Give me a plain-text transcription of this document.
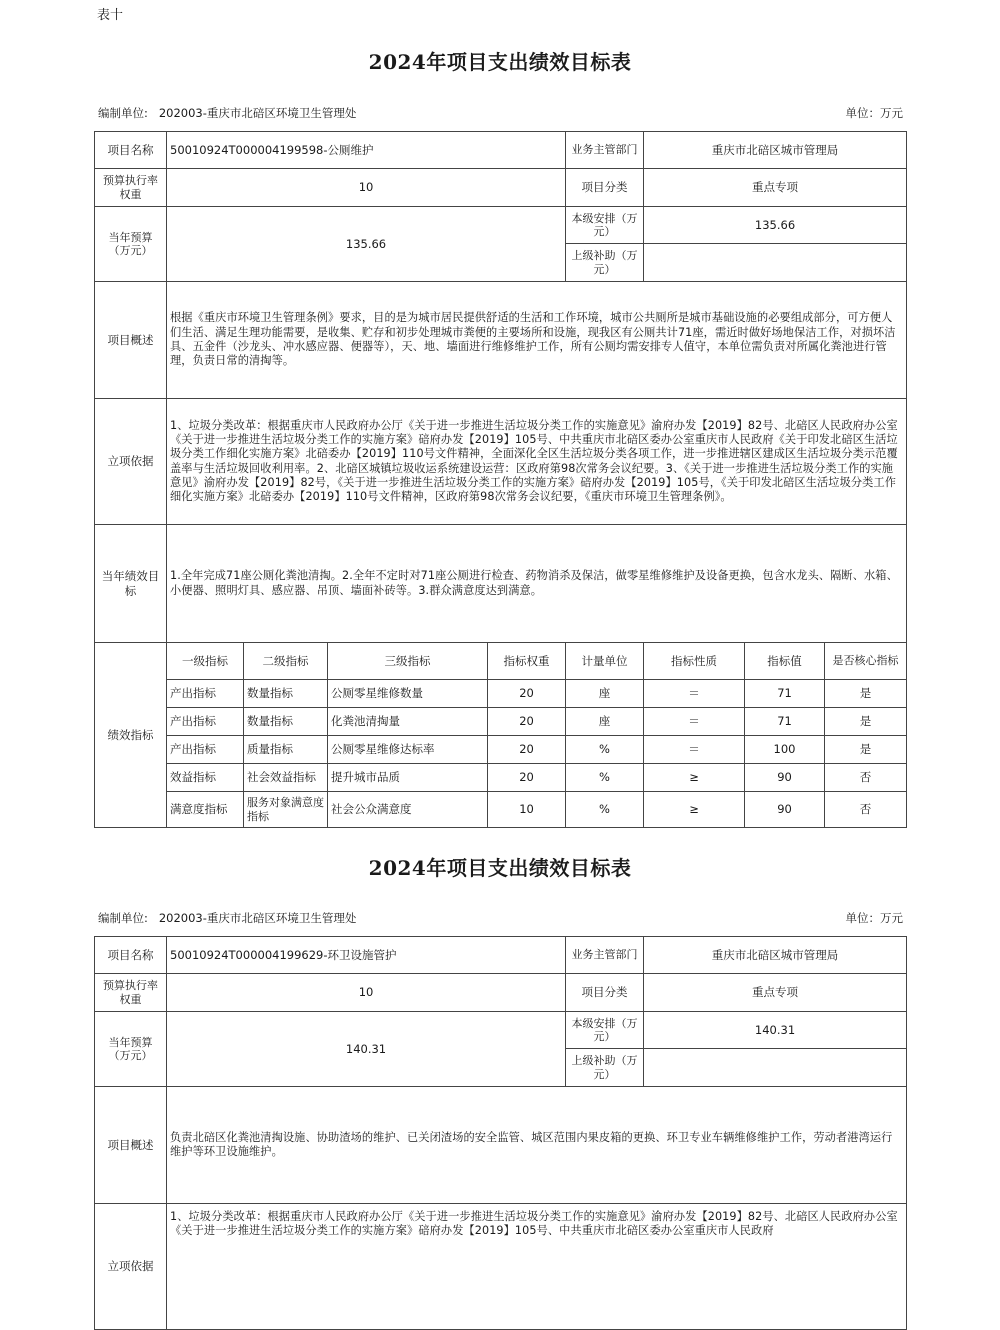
表十
2024年项目支出绩效目标表
编制单位: 202003-重庆市北碚区环境卫生管理处	单位：万元
项目名称	50010924T000004199598-公厕维护				业务主管部门	重庆市北碚区城市管理局		
预算执行率权重	10				项目分类	重点专项		
当年预算（万元）	135.66				本级安排（万元）	135.66		
					上级补助（万元）			
项目概述	根据《重庆市环境卫生管理条例》要求，目的是为城市居民提供舒适的生活和工作环境，城市公共厕所是城市基础设施的必要组成部分，可方便人们生活、满足生理功能需要，是收集、贮存和初步处理城市粪便的主要场所和设施，现我区有公厕共计71座，需近时做好场地保洁工作，对损坏洁具、五金件（沙龙头、冲水感应器、便器等），天、地、墙面进行维修维护工作，所有公厕均需安排专人值守，本单位需负责对所属化粪池进行管理，负责日常的清掏等。							
立项依据	1、垃圾分类改革：根据重庆市人民政府办公厅《关于进一步推进生活垃圾分类工作的实施意见》渝府办发【2019】82号、北碚区人民政府办公室《关于进一步推进生活垃圾分类工作的实施方案》碚府办发【2019】105号、中共重庆市北碚区委办公室重庆市人民政府《关于印发北碚区生活垃圾分类工作细化实施方案》北碚委办【2019】110号文件精神，全面深化全区生活垃圾分类各项工作，进一步推进辖区建成区生活垃圾分类示范覆盖率与生活垃圾回收利用率。2、北碚区城镇垃圾收运系统建设运营：区政府第98次常务会议纪要。3、《关于进一步推进生活垃圾分类工作的实施意见》渝府办发【2019】82号，《关于进一步推进生活垃圾分类工作的实施方案》碚府办发【2019】105号，《关于印发北碚区生活垃圾分类工作细化实施方案》北碚委办【2019】110号文件精神，区政府第98次常务会议纪要，《重庆市环境卫生管理条例》。							
当年绩效目标	1.全年完成71座公厕化粪池清掏。2.全年不定时对71座公厕进行检查、药物消杀及保洁，做零星维修维护及设备更换，包含水龙头、隔断、水箱、小便器、照明灯具、感应器、吊顶、墙面补砖等。3.群众满意度达到满意。							
绩效指标	一级指标	二级指标	三级指标	指标权重	计量单位	指标性质	指标值	是否核心指标
	产出指标	数量指标	公厕零星维修数量	20	座	＝	71	是
	产出指标	数量指标	化粪池清掏量	20	座	＝	71	是
	产出指标	质量指标	公厕零星维修达标率	20	%	＝	100	是
	效益指标	社会效益指标	提升城市品质	20	%	≥	90	否
	满意度指标	服务对象满意度指标	社会公众满意度	10	%	≥	90	否
2024年项目支出绩效目标表
编制单位: 202003-重庆市北碚区环境卫生管理处	单位：万元
项目名称	50010924T000004199629-环卫设施管护	业务主管部门	重庆市北碚区城市管理局
预算执行率权重	10	项目分类	重点专项
当年预算（万元）	140.31	本级安排（万元）	140.31
		上级补助（万元）	
项目概述	负责北碚区化粪池清掏设施、协助渣场的维护、已关闭渣场的安全监管、城区范围内果皮箱的更换、环卫专业车辆维修维护工作，劳动者港湾运行维护等环卫设施维护。		
立项依据	1、垃圾分类改革：根据重庆市人民政府办公厅《关于进一步推进生活垃圾分类工作的实施意见》渝府办发【2019】82号、北碚区人民政府办公室《关于进一步推进生活垃圾分类工作的实施方案》碚府办发【2019】105号、中共重庆市北碚区委办公室重庆市人民政府		
